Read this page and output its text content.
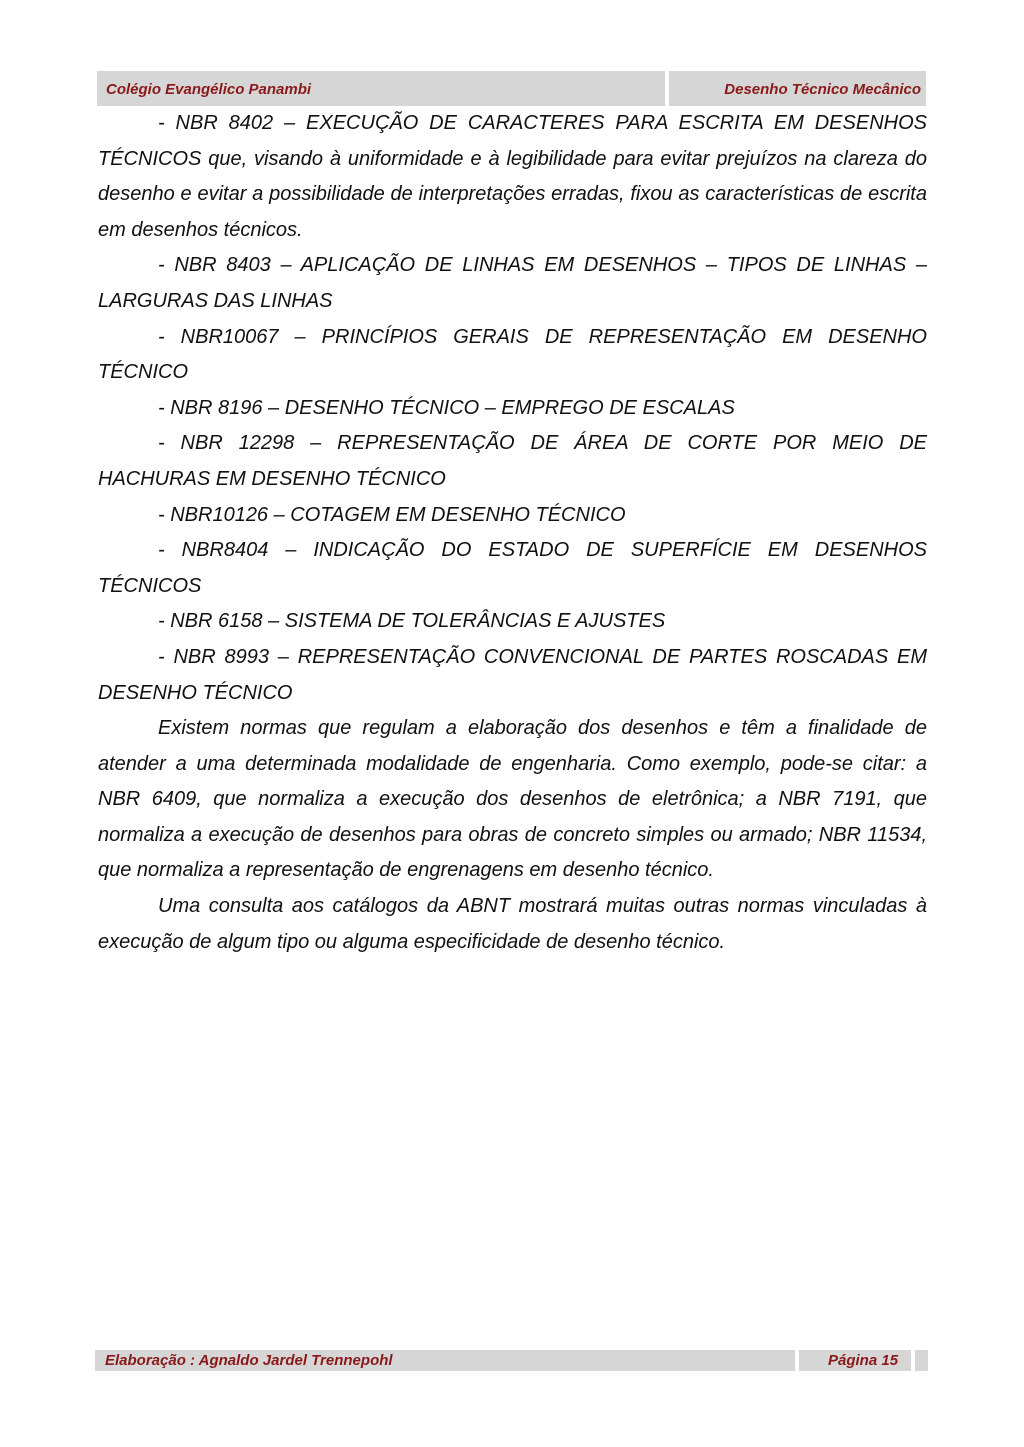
Colégio Evangélico Panambi	Desenho Técnico Mecânico

- NBR 8402 – EXECUÇÃO DE CARACTERES PARA ESCRITA EM DESENHOS TÉCNICOS que, visando à uniformidade e à legibilidade para evitar prejuízos na clareza do desenho e evitar a possibilidade de interpretações erradas, fixou as características de escrita em desenhos técnicos.

- NBR 8403 – APLICAÇÃO DE LINHAS EM DESENHOS – TIPOS DE LINHAS – LARGURAS DAS LINHAS

- NBR10067 – PRINCÍPIOS GERAIS DE REPRESENTAÇÃO EM DESENHO TÉCNICO

- NBR 8196 – DESENHO TÉCNICO – EMPREGO DE ESCALAS

- NBR 12298 – REPRESENTAÇÃO DE ÁREA DE CORTE POR MEIO DE HACHURAS EM DESENHO TÉCNICO

- NBR10126 – COTAGEM EM DESENHO TÉCNICO

- NBR8404 – INDICAÇÃO DO ESTADO DE SUPERFÍCIE EM DESENHOS TÉCNICOS

- NBR 6158 – SISTEMA DE TOLERÂNCIAS E AJUSTES

- NBR 8993 – REPRESENTAÇÃO CONVENCIONAL DE PARTES ROSCADAS EM DESENHO TÉCNICO

Existem normas que regulam a elaboração dos desenhos e têm a finalidade de atender a uma determinada modalidade de engenharia. Como exemplo, pode-se citar: a NBR 6409, que normaliza a execução dos desenhos de eletrônica; a NBR 7191, que normaliza a execução de desenhos para obras de concreto simples ou armado; NBR 11534, que normaliza a representação de engrenagens em desenho técnico.

Uma consulta aos catálogos da ABNT mostrará muitas outras normas vinculadas à execução de algum tipo ou alguma especificidade de desenho técnico.

Elaboração : Agnaldo Jardel Trennepohl	Página 15
